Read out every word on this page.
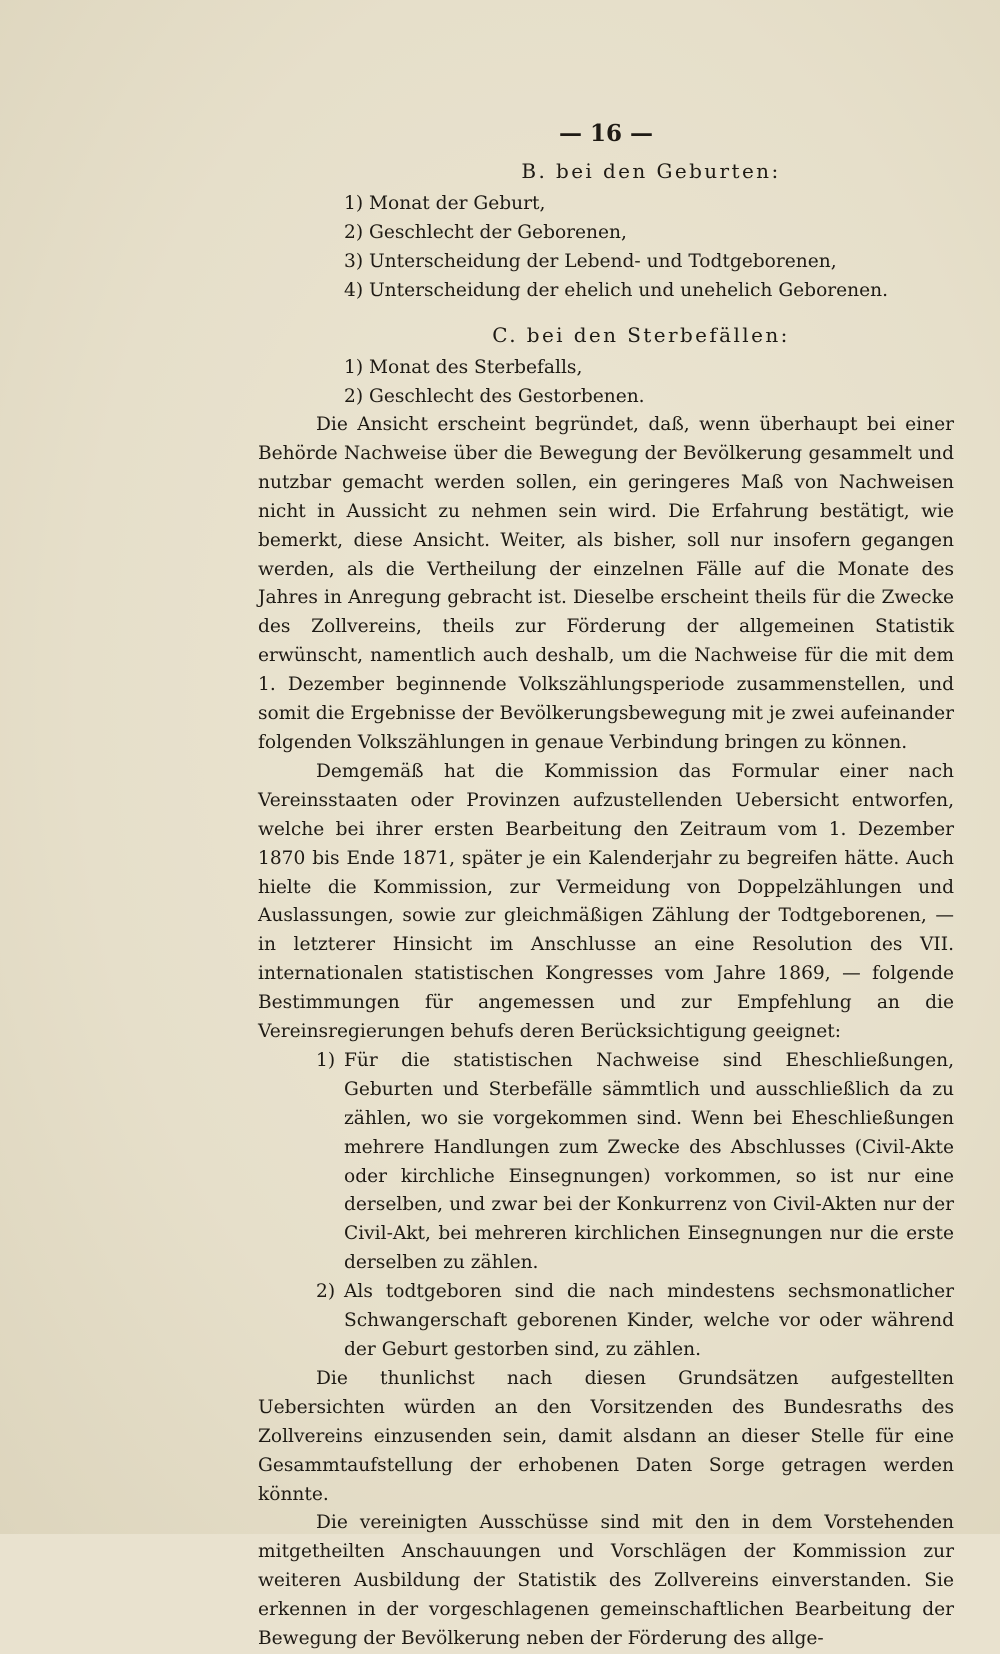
— 16 —
B. bei den Geburten:
1) Monat der Geburt,
2) Geschlecht der Geborenen,
3) Unterscheidung der Lebend- und Todtgeborenen,
4) Unterscheidung der ehelich und unehelich Geborenen.
C. bei den Sterbefällen:
1) Monat des Sterbefalls,
2) Geschlecht des Gestorbenen.

Die Ansicht erscheint begründet, daß, wenn überhaupt bei einer Behörde Nachweise über die Bewegung der Bevölkerung gesammelt und nutzbar gemacht werden sollen, ein geringeres Maß von Nachweisen nicht in Aussicht zu nehmen sein wird. Die Erfahrung bestätigt, wie bemerkt, diese Ansicht. Weiter, als bisher, soll nur insofern gegangen werden, als die Vertheilung der einzelnen Fälle auf die Monate des Jahres in Anregung gebracht ist. Dieselbe erscheint theils für die Zwecke des Zollvereins, theils zur Förderung der allgemeinen Statistik erwünscht, namentlich auch deshalb, um die Nachweise für die mit dem 1. Dezember beginnende Volkszählungsperiode zusammenstellen, und somit die Ergebnisse der Bevölkerungsbewegung mit je zwei aufeinander folgenden Volkszählungen in genaue Verbindung bringen zu können.

Demgemäß hat die Kommission das Formular einer nach Vereinsstaaten oder Provinzen aufzustellenden Uebersicht entworfen, welche bei ihrer ersten Bearbeitung den Zeitraum vom 1. Dezember 1870 bis Ende 1871, später je ein Kalenderjahr zu begreifen hätte. Auch hielte die Kommission, zur Vermeidung von Doppelzählungen und Auslassungen, sowie zur gleichmäßigen Zählung der Todtgeborenen, — in letzterer Hinsicht im Anschlusse an eine Resolution des VII. internationalen statistischen Kongresses vom Jahre 1869, — folgende Bestimmungen für angemessen und zur Empfehlung an die Vereinsregierungen behufs deren Berücksichtigung geeignet:

1) Für die statistischen Nachweise sind Eheschließungen, Geburten und Sterbefälle sämmtlich und ausschließlich da zu zählen, wo sie vorgekommen sind. Wenn bei Eheschließungen mehrere Handlungen zum Zwecke des Abschlusses (Civil-Akte oder kirchliche Einsegnungen) vorkommen, so ist nur eine derselben, und zwar bei der Konkurrenz von Civil-Akten nur der Civil-Akt, bei mehreren kirchlichen Einsegnungen nur die erste derselben zu zählen.
2) Als todtgeboren sind die nach mindestens sechsmonatlicher Schwangerschaft geborenen Kinder, welche vor oder während der Geburt gestorben sind, zu zählen.

Die thunlichst nach diesen Grundsätzen aufgestellten Uebersichten würden an den Vorsitzenden des Bundesraths des Zollvereins einzusenden sein, damit alsdann an dieser Stelle für eine Gesammtaufstellung der erhobenen Daten Sorge getragen werden könnte.

Die vereinigten Ausschüsse sind mit den in dem Vorstehenden mitgetheilten Anschauungen und Vorschlägen der Kommission zur weiteren Ausbildung der Statistik des Zollvereins einverstanden. Sie erkennen in der vorgeschlagenen gemeinschaftlichen Bearbeitung der Bewegung der Bevölkerung neben der Förderung des allge-
